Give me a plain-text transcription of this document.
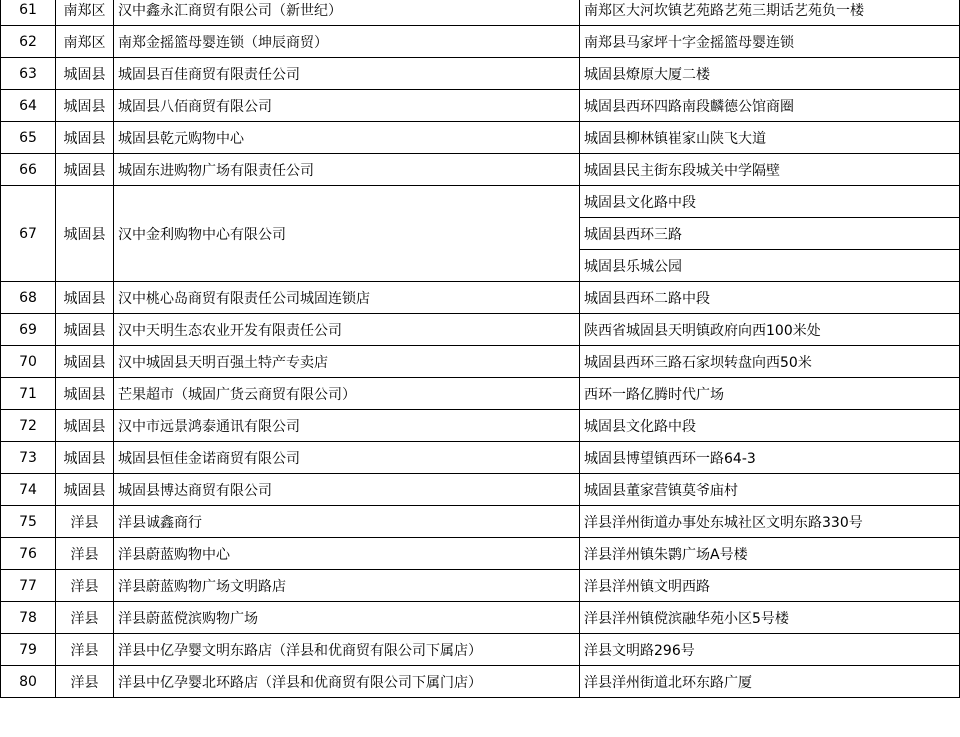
61	南郑区	汉中鑫永汇商贸有限公司（新世纪）	南郑区大河坎镇艺苑路艺苑三期话艺苑负一楼
62	南郑区	南郑金摇篮母婴连锁（坤辰商贸）	南郑县马家坪十字金摇篮母婴连锁
63	城固县	城固县百佳商贸有限责任公司	城固县燎原大厦二楼
64	城固县	城固县八佰商贸有限公司	城固县西环四路南段麟德公馆商圈
65	城固县	城固县乾元购物中心	城固县柳林镇崔家山陕飞大道
66	城固县	城固东进购物广场有限责任公司	城固县民主街东段城关中学隔壁
67	城固县	汉中金利购物中心有限公司	城固县文化路中段
			城固县西环三路
			城固县乐城公园
68	城固县	汉中桃心岛商贸有限责任公司城固连锁店	城固县西环二路中段
69	城固县	汉中天明生态农业开发有限责任公司	陕西省城固县天明镇政府向西100米处
70	城固县	汉中城固县天明百强土特产专卖店	城固县西环三路石家坝转盘向西50米
71	城固县	芒果超市（城固广货云商贸有限公司）	西环一路亿腾时代广场
72	城固县	汉中市远景鸿泰通讯有限公司	城固县文化路中段
73	城固县	城固县恒佳金诺商贸有限公司	城固县博望镇西环一路64-3
74	城固县	城固县博达商贸有限公司	城固县董家营镇莫爷庙村
75	洋县	洋县诚鑫商行	洋县洋州街道办事处东城社区文明东路330号
76	洋县	洋县蔚蓝购物中心	洋县洋州镇朱鹮广场A号楼
77	洋县	洋县蔚蓝购物广场文明路店	洋县洋州镇文明西路
78	洋县	洋县蔚蓝傥滨购物广场	洋县洋州镇傥滨融华苑小区5号楼
79	洋县	洋县中亿孕婴文明东路店（洋县和优商贸有限公司下属店）	洋县文明路296号
80	洋县	洋县中亿孕婴北环路店（洋县和优商贸有限公司下属门店）	洋县洋州街道北环东路广厦
